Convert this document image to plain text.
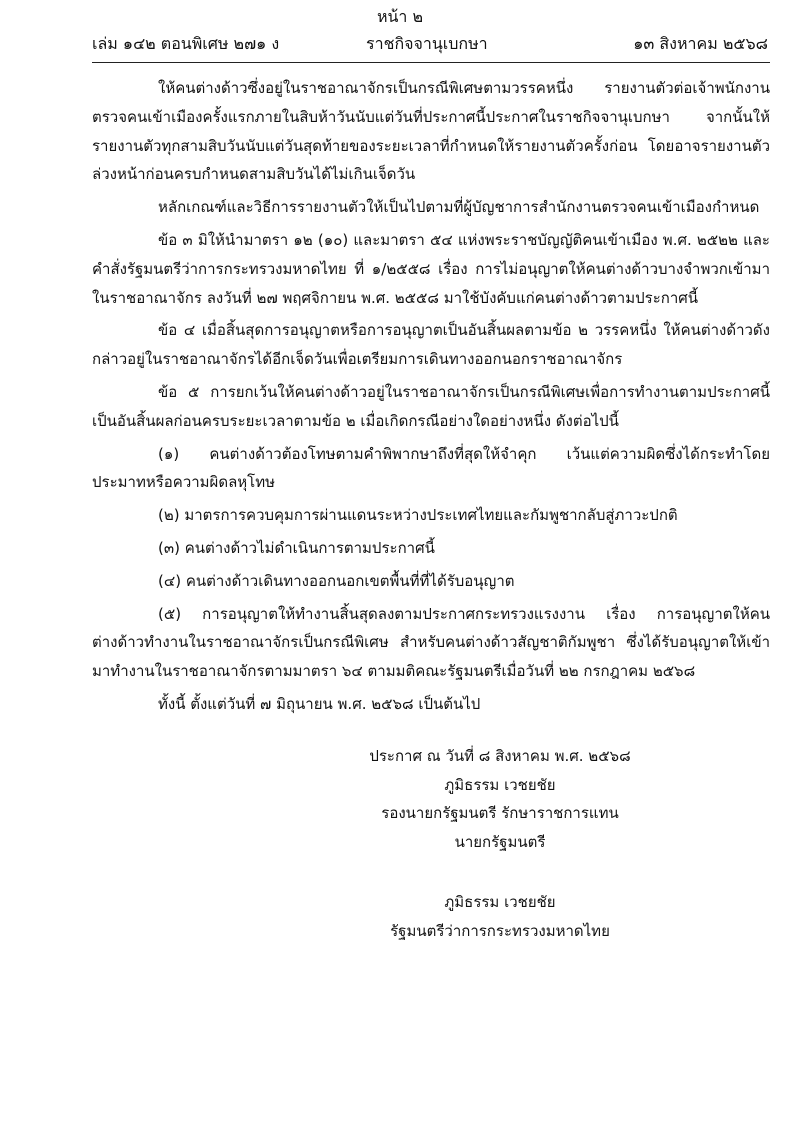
หน้า ๒
เล่ม ๑๔๒ ตอนพิเศษ ๒๗๑ ง	ราชกิจจานุเบกษา	๑๓ สิงหาคม ๒๕๖๘

ให้คนต่างด้าวซึ่งอยู่ในราชอาณาจักรเป็นกรณีพิเศษตามวรรคหนึ่ง รายงานตัวต่อเจ้าพนักงานตรวจคนเข้าเมืองครั้งแรกภายในสิบห้าวันนับแต่วันที่ประกาศนี้ประกาศในราชกิจจานุเบกษา จากนั้นให้รายงานตัวทุกสามสิบวันนับแต่วันสุดท้ายของระยะเวลาที่กำหนดให้รายงานตัวครั้งก่อน โดยอาจรายงานตัวล่วงหน้าก่อนครบกำหนดสามสิบวันได้ไม่เกินเจ็ดวัน

หลักเกณฑ์และวิธีการรายงานตัวให้เป็นไปตามที่ผู้บัญชาการสำนักงานตรวจคนเข้าเมืองกำหนด

ข้อ ๓ มิให้นำมาตรา ๑๒ (๑๐) และมาตรา ๕๔ แห่งพระราชบัญญัติคนเข้าเมือง พ.ศ. ๒๕๒๒ และคำสั่งรัฐมนตรีว่าการกระทรวงมหาดไทย ที่ ๑/๒๕๕๘ เรื่อง การไม่อนุญาตให้คนต่างด้าวบางจำพวกเข้ามาในราชอาณาจักร ลงวันที่ ๒๗ พฤศจิกายน พ.ศ. ๒๕๕๘ มาใช้บังคับแก่คนต่างด้าวตามประกาศนี้

ข้อ ๔ เมื่อสิ้นสุดการอนุญาตหรือการอนุญาตเป็นอันสิ้นผลตามข้อ ๒ วรรคหนึ่ง ให้คนต่างด้าวดังกล่าวอยู่ในราชอาณาจักรได้อีกเจ็ดวันเพื่อเตรียมการเดินทางออกนอกราชอาณาจักร

ข้อ ๕ การยกเว้นให้คนต่างด้าวอยู่ในราชอาณาจักรเป็นกรณีพิเศษเพื่อการทำงานตามประกาศนี้เป็นอันสิ้นผลก่อนครบระยะเวลาตามข้อ ๒ เมื่อเกิดกรณีอย่างใดอย่างหนึ่ง ดังต่อไปนี้

(๑) คนต่างด้าวต้องโทษตามคำพิพากษาถึงที่สุดให้จำคุก เว้นแต่ความผิดซึ่งได้กระทำโดยประมาทหรือความผิดลหุโทษ

(๒) มาตรการควบคุมการผ่านแดนระหว่างประเทศไทยและกัมพูชากลับสู่ภาวะปกติ

(๓) คนต่างด้าวไม่ดำเนินการตามประกาศนี้

(๔) คนต่างด้าวเดินทางออกนอกเขตพื้นที่ที่ได้รับอนุญาต

(๕) การอนุญาตให้ทำงานสิ้นสุดลงตามประกาศกระทรวงแรงงาน เรื่อง การอนุญาตให้คนต่างด้าวทำงานในราชอาณาจักรเป็นกรณีพิเศษ สำหรับคนต่างด้าวสัญชาติกัมพูชา ซึ่งได้รับอนุญาตให้เข้ามาทำงานในราชอาณาจักรตามมาตรา ๖๔ ตามมติคณะรัฐมนตรีเมื่อวันที่ ๒๒ กรกฎาคม ๒๕๖๘

ทั้งนี้ ตั้งแต่วันที่ ๗ มิถุนายน พ.ศ. ๒๕๖๘ เป็นต้นไป

ประกาศ ณ วันที่ ๘ สิงหาคม พ.ศ. ๒๕๖๘

ภูมิธรรม เวชยชัย

รองนายกรัฐมนตรี รักษาราชการแทน

นายกรัฐมนตรี

ภูมิธรรม เวชยชัย

รัฐมนตรีว่าการกระทรวงมหาดไทย
